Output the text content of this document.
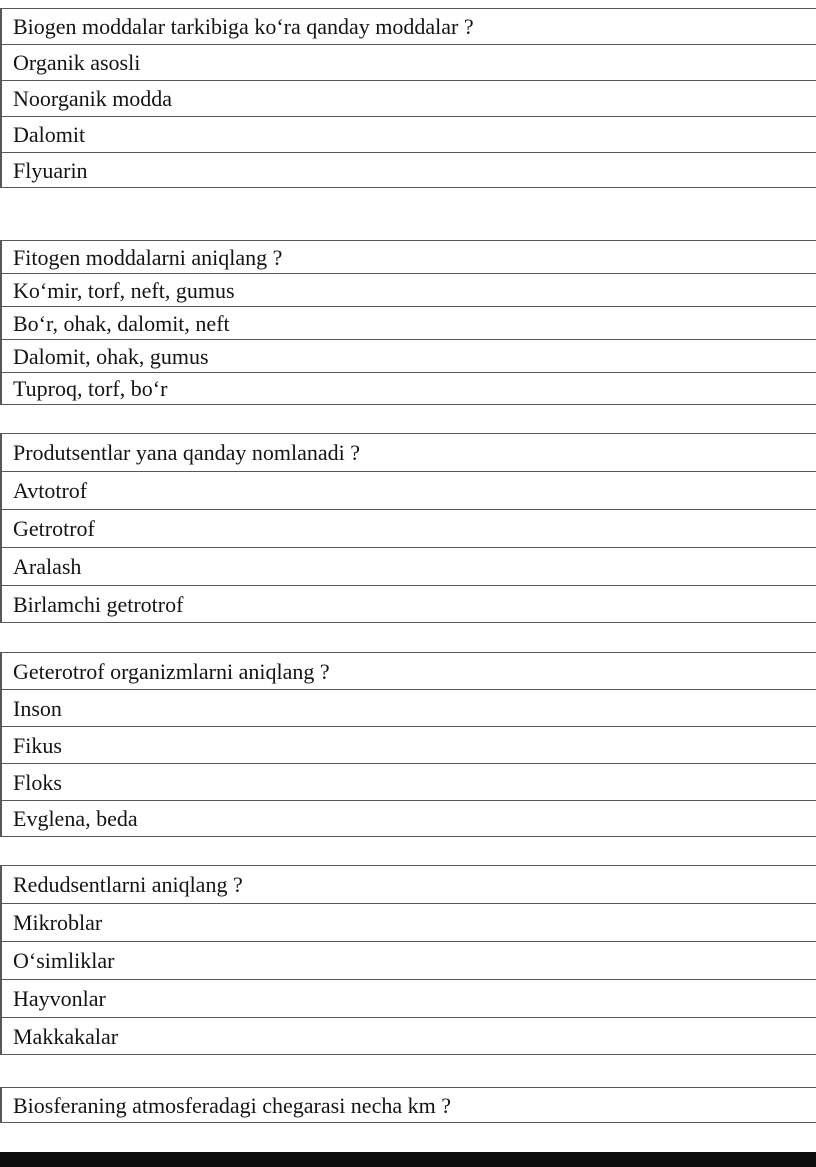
Biogen moddalar tarkibiga ko‘ra qanday moddalar ?
Organik asosli
Noorganik modda
Dalomit
Flyuarin
Fitogen moddalarni aniqlang ?
Ko‘mir, torf, neft, gumus
Bo‘r, ohak, dalomit, neft
Dalomit, ohak, gumus
Tuproq, torf, bo‘r
Produtsentlar yana qanday nomlanadi ?
Avtotrof
Getrotrof
Aralash
Birlamchi getrotrof
Geterotrof organizmlarni aniqlang ?
Inson
Fikus
Floks
Evglena, beda
Redudsentlarni aniqlang ?
Mikroblar
O‘simliklar
Hayvonlar
Makkakalar
Biosferaning atmosferadagi chegarasi necha km ?
